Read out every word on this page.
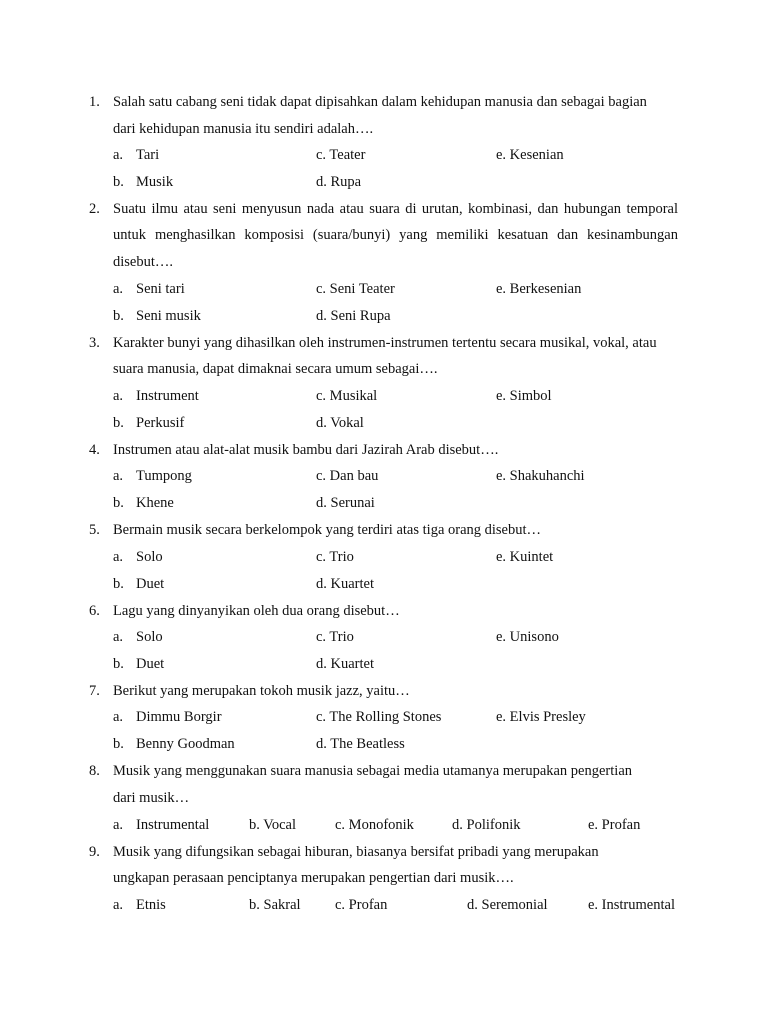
1. Salah satu cabang seni tidak dapat dipisahkan dalam kehidupan manusia dan sebagai bagian
dari kehidupan manusia itu sendiri adalah….
a. Tari	c. Teater	e. Kesenian
b. Musik	d. Rupa
2. Suatu ilmu atau seni menyusun nada atau suara di urutan, kombinasi, dan hubungan temporal
untuk menghasilkan komposisi (suara/bunyi) yang memiliki kesatuan dan kesinambungan
disebut….
a. Seni tari	c. Seni Teater	e. Berkesenian
b. Seni musik	d. Seni Rupa
3. Karakter bunyi yang dihasilkan oleh instrumen-instrumen tertentu secara musikal, vokal, atau
suara manusia, dapat dimaknai secara umum sebagai….
a. Instrument	c. Musikal	e. Simbol
b. Perkusif	d. Vokal
4. Instrumen atau alat-alat musik bambu dari Jazirah Arab disebut….
a. Tumpong	c. Dan bau	e. Shakuhanchi
b. Khene	d. Serunai
5. Bermain musik secara berkelompok yang terdiri atas tiga orang disebut…
a. Solo	c. Trio	e. Kuintet
b. Duet	d. Kuartet
6. Lagu yang dinyanyikan oleh dua orang disebut…
a. Solo	c. Trio	e. Unisono
b. Duet	d. Kuartet
7. Berikut yang merupakan tokoh musik jazz, yaitu…
a. Dimmu Borgir	c. The Rolling Stones	e. Elvis Presley
b. Benny Goodman	d. The Beatless
8. Musik yang menggunakan suara manusia sebagai media utamanya merupakan pengertian
dari musik…
a. Instrumental	b. Vocal	c. Monofonik	d. Polifonik	e. Profan
9. Musik yang difungsikan sebagai hiburan, biasanya bersifat pribadi yang merupakan
ungkapan perasaan penciptanya merupakan pengertian dari musik….
a. Etnis	b. Sakral c. Profan	d. Seremonial	e. Instrumental
